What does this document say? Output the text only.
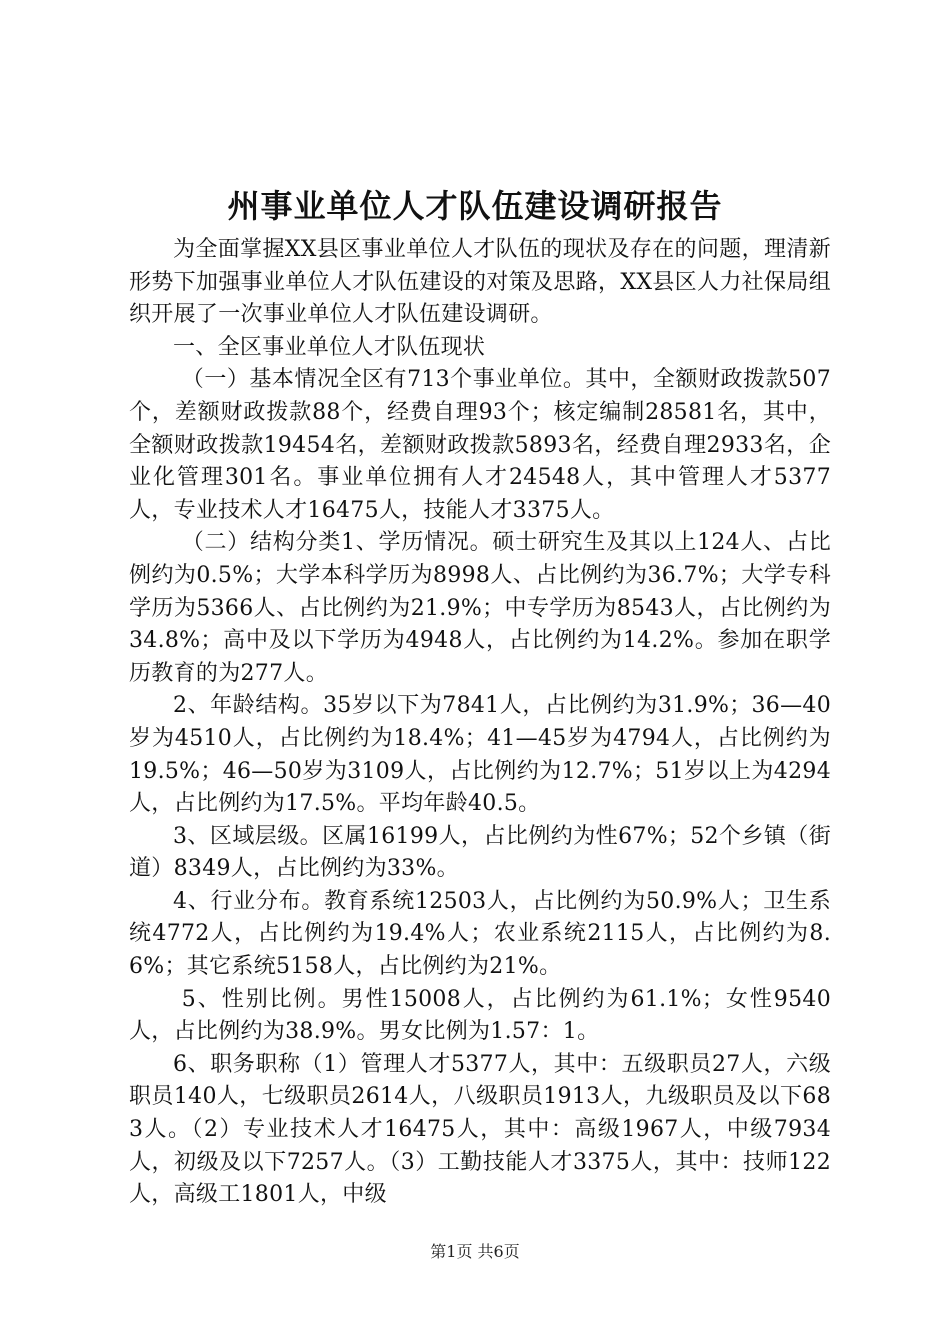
州事业单位人才队伍建设调研报告

为全面掌握XX县区事业单位人才队伍的现状及存在的问题，理清新形势下加强事业单位人才队伍建设的对策及思路，XX县区人力社保局组织开展了一次事业单位人才队伍建设调研。

一、全区事业单位人才队伍现状

（一）基本情况全区有713个事业单位。其中，全额财政拨款507个，差额财政拨款88个，经费自理93个；核定编制28581名，其中，全额财政拨款19454名，差额财政拨款5893名，经费自理2933名，企业化管理301名。事业单位拥有人才24548人，其中管理人才5377人，专业技术人才16475人，技能人才3375人。

（二）结构分类1、学历情况。硕士研究生及其以上124人、占比例约为0.5%；大学本科学历为8998人、占比例约为36.7%；大学专科学历为5366人、占比例约为21.9%；中专学历为8543人，占比例约为34.8%；高中及以下学历为4948人，占比例约为14.2%。参加在职学历教育的为277人。

2、年龄结构。35岁以下为7841人，占比例约为31.9%；36—40岁为4510人，占比例约为18.4%；41—45岁为4794人，占比例约为19.5%；46—50岁为3109人，占比例约为12.7%；51岁以上为4294人，占比例约为17.5%。平均年龄40.5。

3、区域层级。区属16199人，占比例约为性67%；52个乡镇（街道）8349人，占比例约为33%。

4、行业分布。教育系统12503人，占比例约为50.9%人；卫生系统4772人，占比例约为19.4%人；农业系统2115人，占比例约为8.6%；其它系统5158人，占比例约为21%。

5、性别比例。男性15008人，占比例约为61.1%；女性9540人，占比例约为38.9%。男女比例为1.57：1。

6、职务职称（1）管理人才5377人，其中：五级职员27人，六级职员140人，七级职员2614人，八级职员1913人，九级职员及以下683人。（2）专业技术人才16475人，其中：高级1967人，中级7934人，初级及以下7257人。（3）工勤技能人才3375人，其中：技师122人，高级工1801人，中级

第1页 共6页
